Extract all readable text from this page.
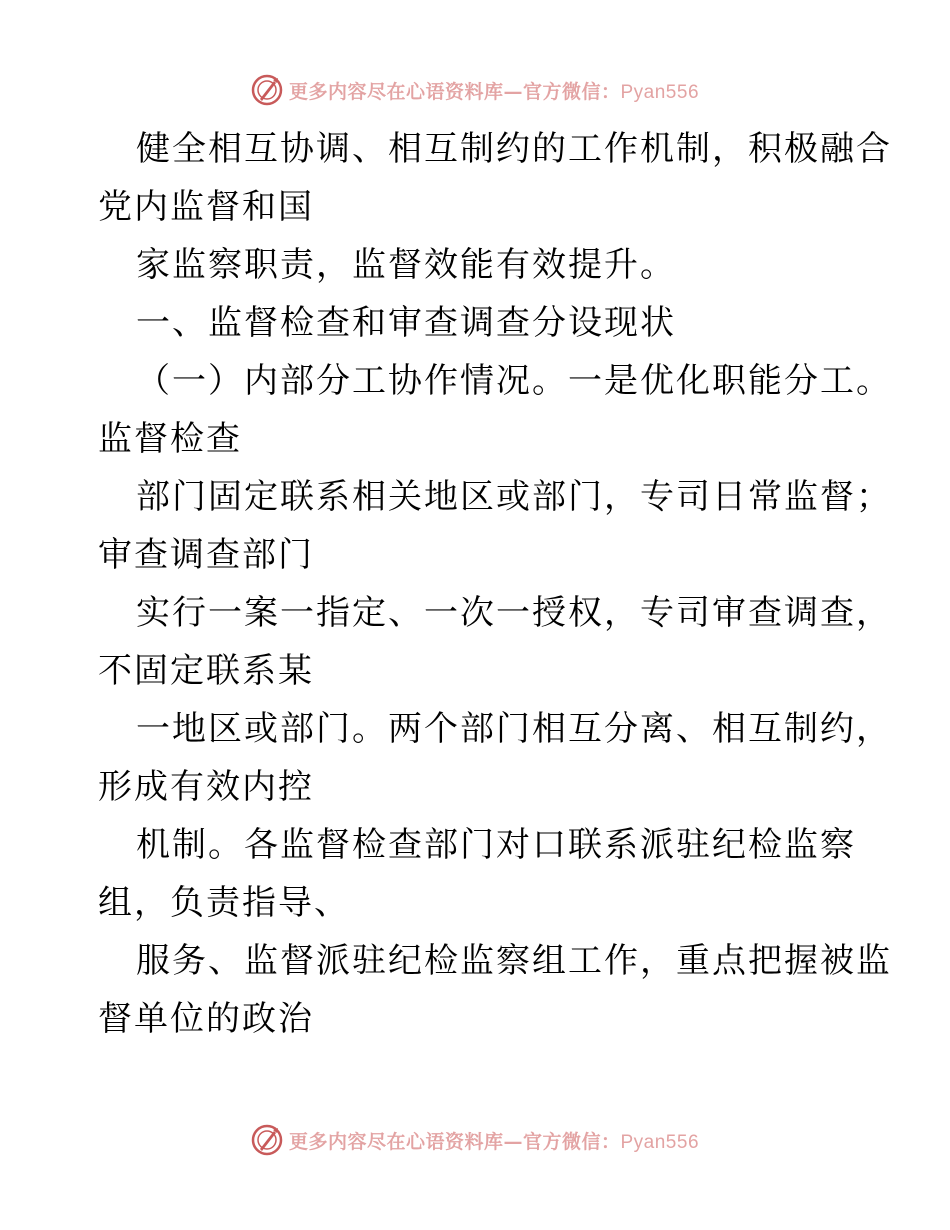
更多内容尽在心语资料库—官方微信：Pyan556
健全相互协调、相互制约的工作机制，积极融合
党内监督和国
家监察职责，监督效能有效提升。
一、监督检查和审查调查分设现状
（一）内部分工协作情况。一是优化职能分工。
监督检查
部门固定联系相关地区或部门，专司日常监督；
审查调查部门
实行一案一指定、一次一授权，专司审查调查，
不固定联系某
一地区或部门。两个部门相互分离、相互制约，
形成有效内控
机制。各监督检查部门对口联系派驻纪检监察
组，负责指导、
服务、监督派驻纪检监察组工作，重点把握被监
督单位的政治
更多内容尽在心语资料库—官方微信：Pyan556
